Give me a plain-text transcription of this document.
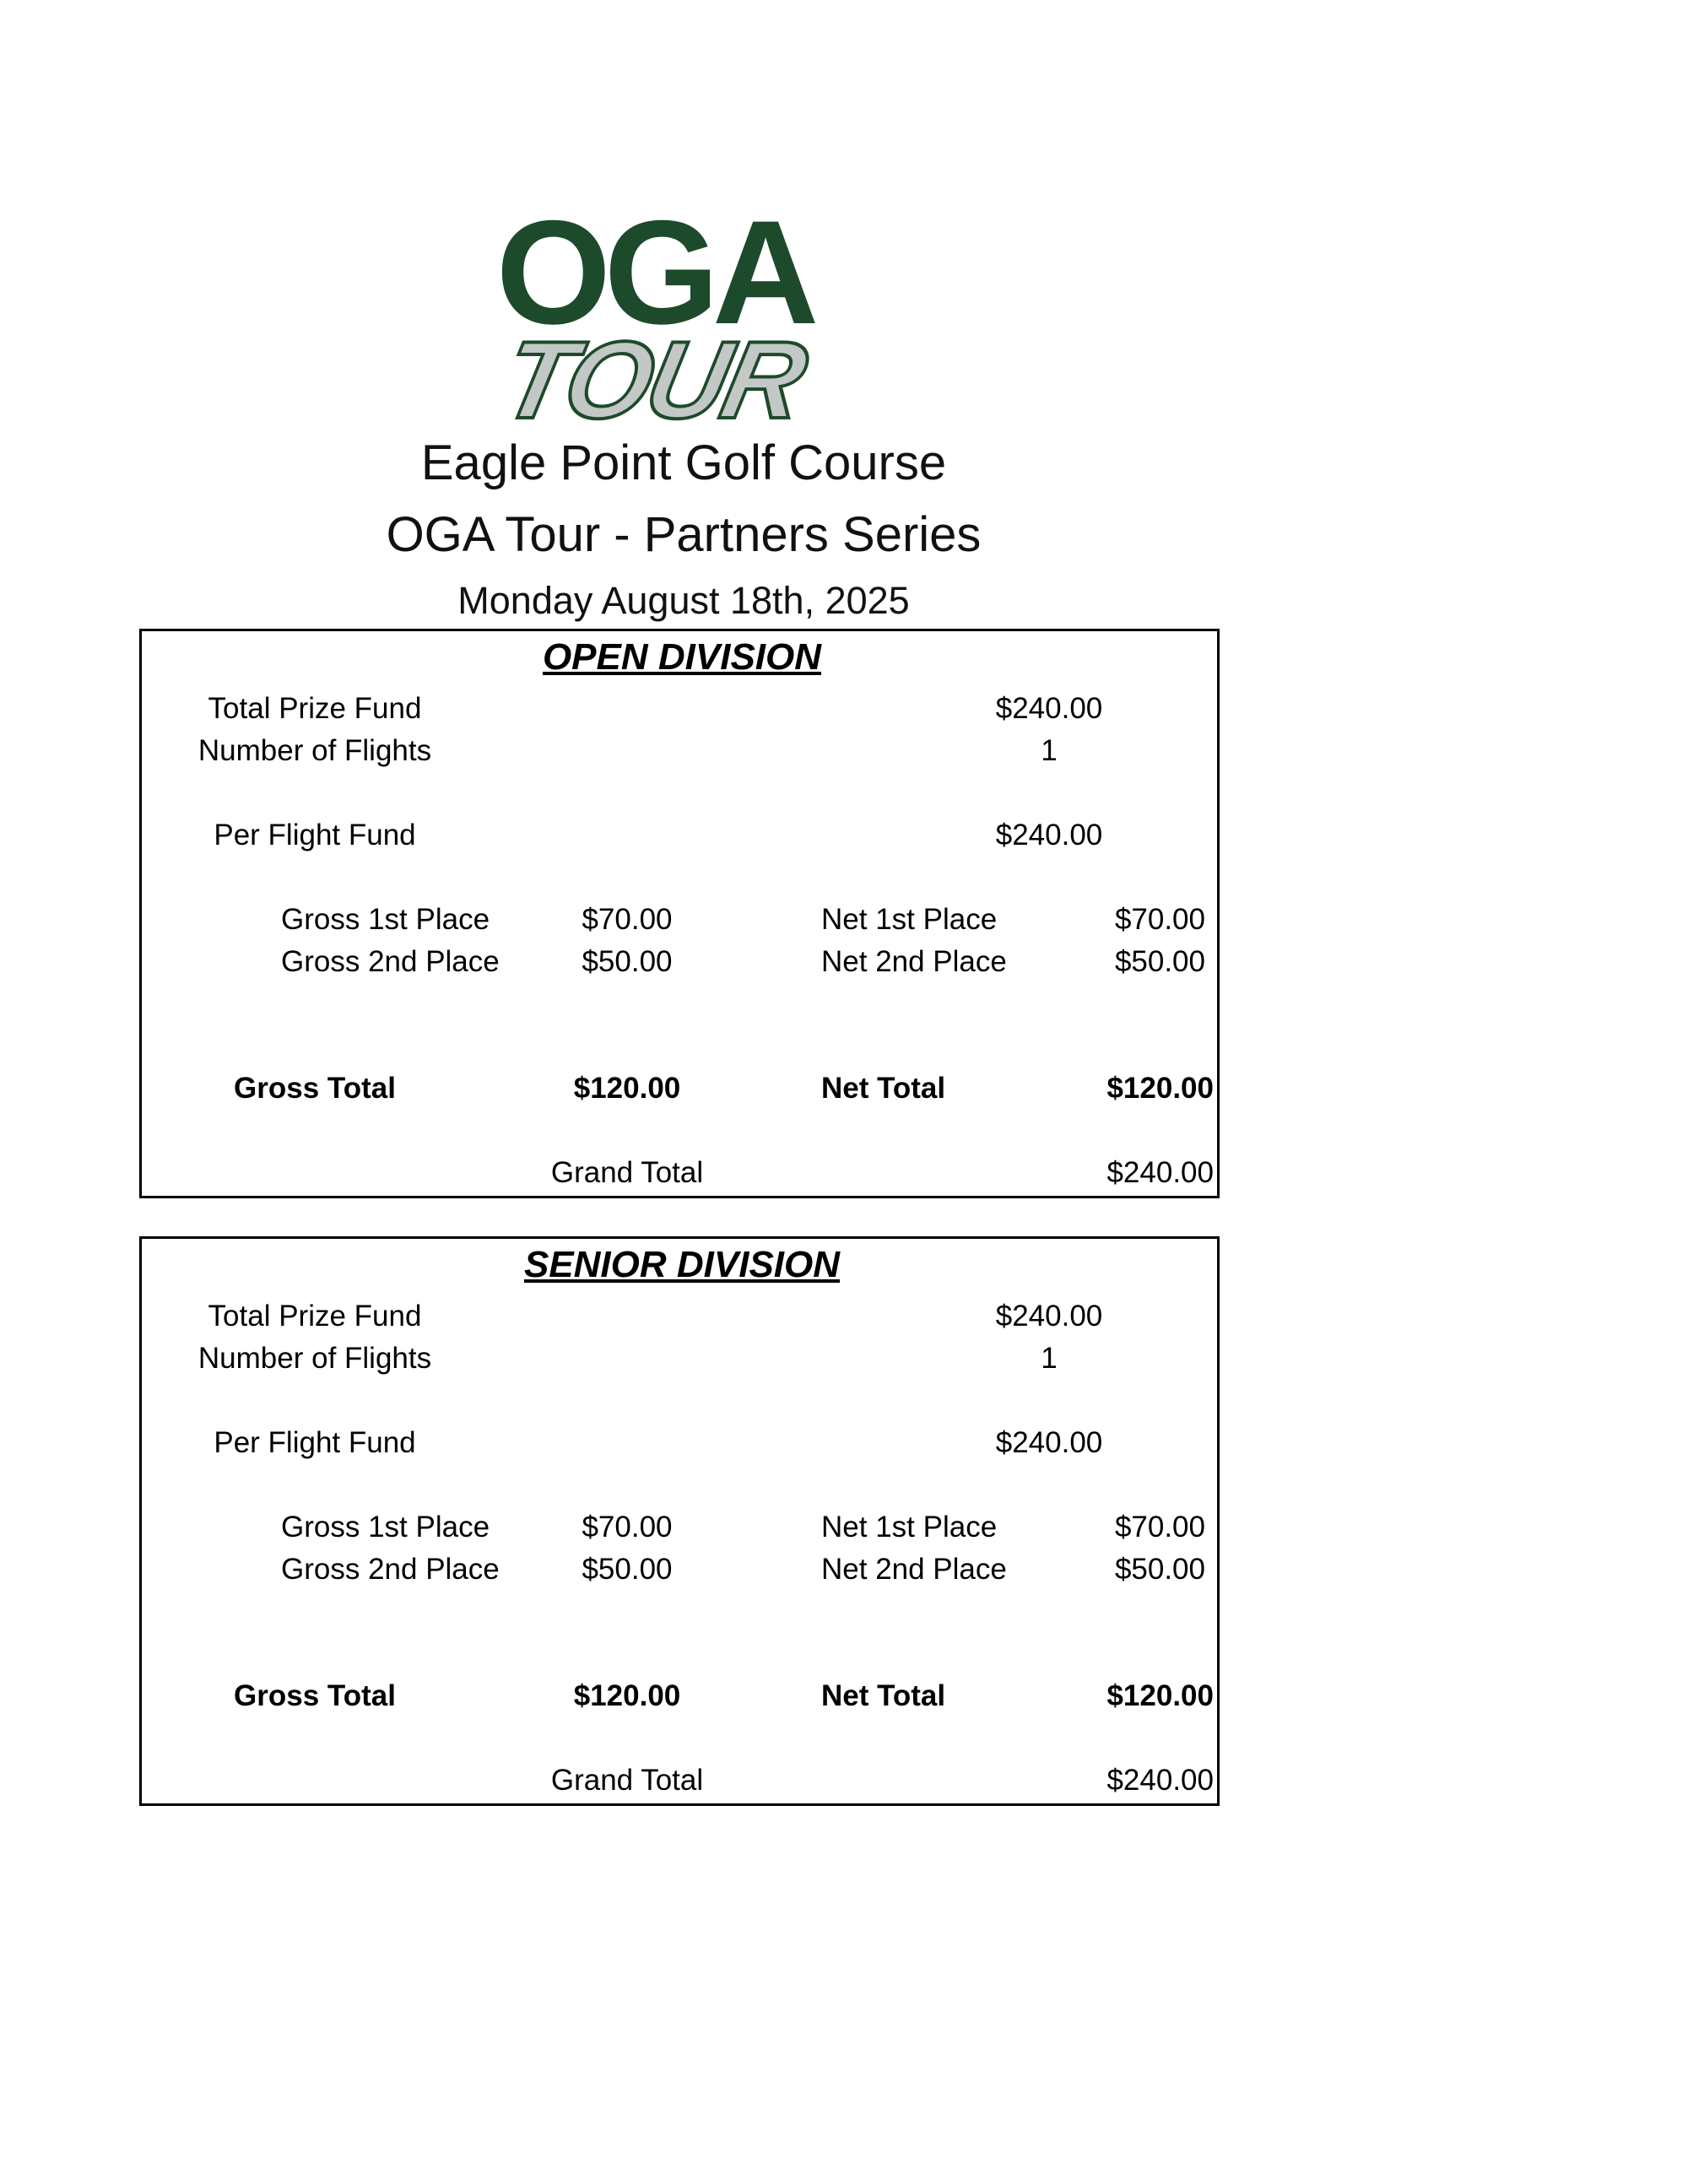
OGA
TOUR
Eagle Point Golf Course
OGA Tour - Partners Series
Monday August 18th, 2025
OPEN DIVISION
Total Prize Fund	$240.00
Number of Flights	1
Per Flight Fund	$240.00
Gross 1st Place	$70.00	Net 1st Place	$70.00
Gross 2nd Place	$50.00	Net 2nd Place	$50.00
Gross Total	$120.00	Net Total	$120.00
Grand Total	$240.00
SENIOR DIVISION
Total Prize Fund	$240.00
Number of Flights	1
Per Flight Fund	$240.00
Gross 1st Place	$70.00	Net 1st Place	$70.00
Gross 2nd Place	$50.00	Net 2nd Place	$50.00
Gross Total	$120.00	Net Total	$120.00
Grand Total	$240.00
